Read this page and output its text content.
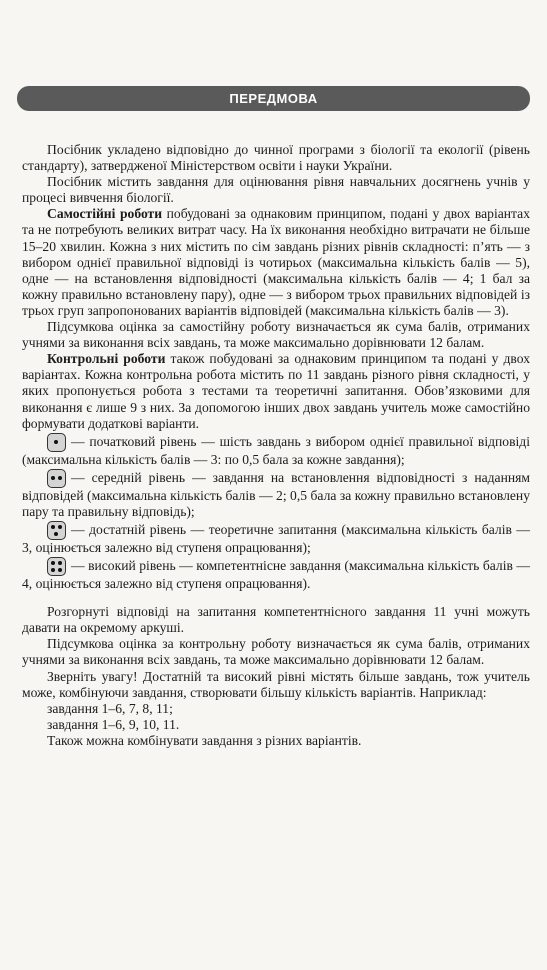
ПЕРЕДМОВА

Посібник укладено відповідно до чинної програми з біології та екології (рівень стандарту), затвердженої Міністерством освіти і науки України.

Посібник містить завдання для оцінювання рівня навчальних досягнень учнів у процесі вивчення біології.

Самостійні роботи побудовані за однаковим принципом, подані у двох варіантах та не потребують великих витрат часу. На їх виконання необхідно витрачати не більше 15–20 хвилин. Кожна з них містить по сім завдань різних рівнів складності: п’ять — з вибором однієї правильної відповіді із чотирьох (максимальна кількість балів — 5), одне — на встановлення відповідності (максимальна кількість балів — 4; 1 бал за кожну правильно встановлену пару), одне — з вибором трьох правильних відповідей із трьох груп запропонованих варіантів відповідей (максимальна кількість балів — 3).

Підсумкова оцінка за самостійну роботу визначається як сума балів, отриманих учнями за виконання всіх завдань, та може максимально дорівнювати 12 балам.

Контрольні роботи також побудовані за однаковим принципом та подані у двох варіантах. Кожна контрольна робота містить по 11 завдань різного рівня складності, у яких пропонується робота з тестами та теоретичні запитання. Обов’язковими для виконання є лише 9 з них. За допомогою інших двох завдань учитель може самостійно формувати додаткові варіанти.

— початковий рівень — шість завдань з вибором однієї правильної відповіді (максимальна кількість балів — 3: по 0,5 бала за кожне завдання);

— середній рівень — завдання на встановлення відповідності з наданням відповідей (максимальна кількість балів — 2; 0,5 бала за кожну правильно встановлену пару та правильну відповідь);

— достатній рівень — теоретичне запитання (максимальна кількість балів — 3, оцінюється залежно від ступеня опрацювання);

— високий рівень — компетентнісне завдання (максимальна кількість балів — 4, оцінюється залежно від ступеня опрацювання).

Розгорнуті відповіді на запитання компетентнісного завдання 11 учні можуть давати на окремому аркуші.

Підсумкова оцінка за контрольну роботу визначається як сума балів, отриманих учнями за виконання всіх завдань, та може максимально дорівнювати 12 балам.

Зверніть увагу! Достатній та високий рівні містять більше завдань, тож учитель може, комбінуючи завдання, створювати більшу кількість варіантів. Наприклад:

завдання 1–6, 7, 8, 11;

завдання 1–6, 9, 10, 11.

Також можна комбінувати завдання з різних варіантів.
